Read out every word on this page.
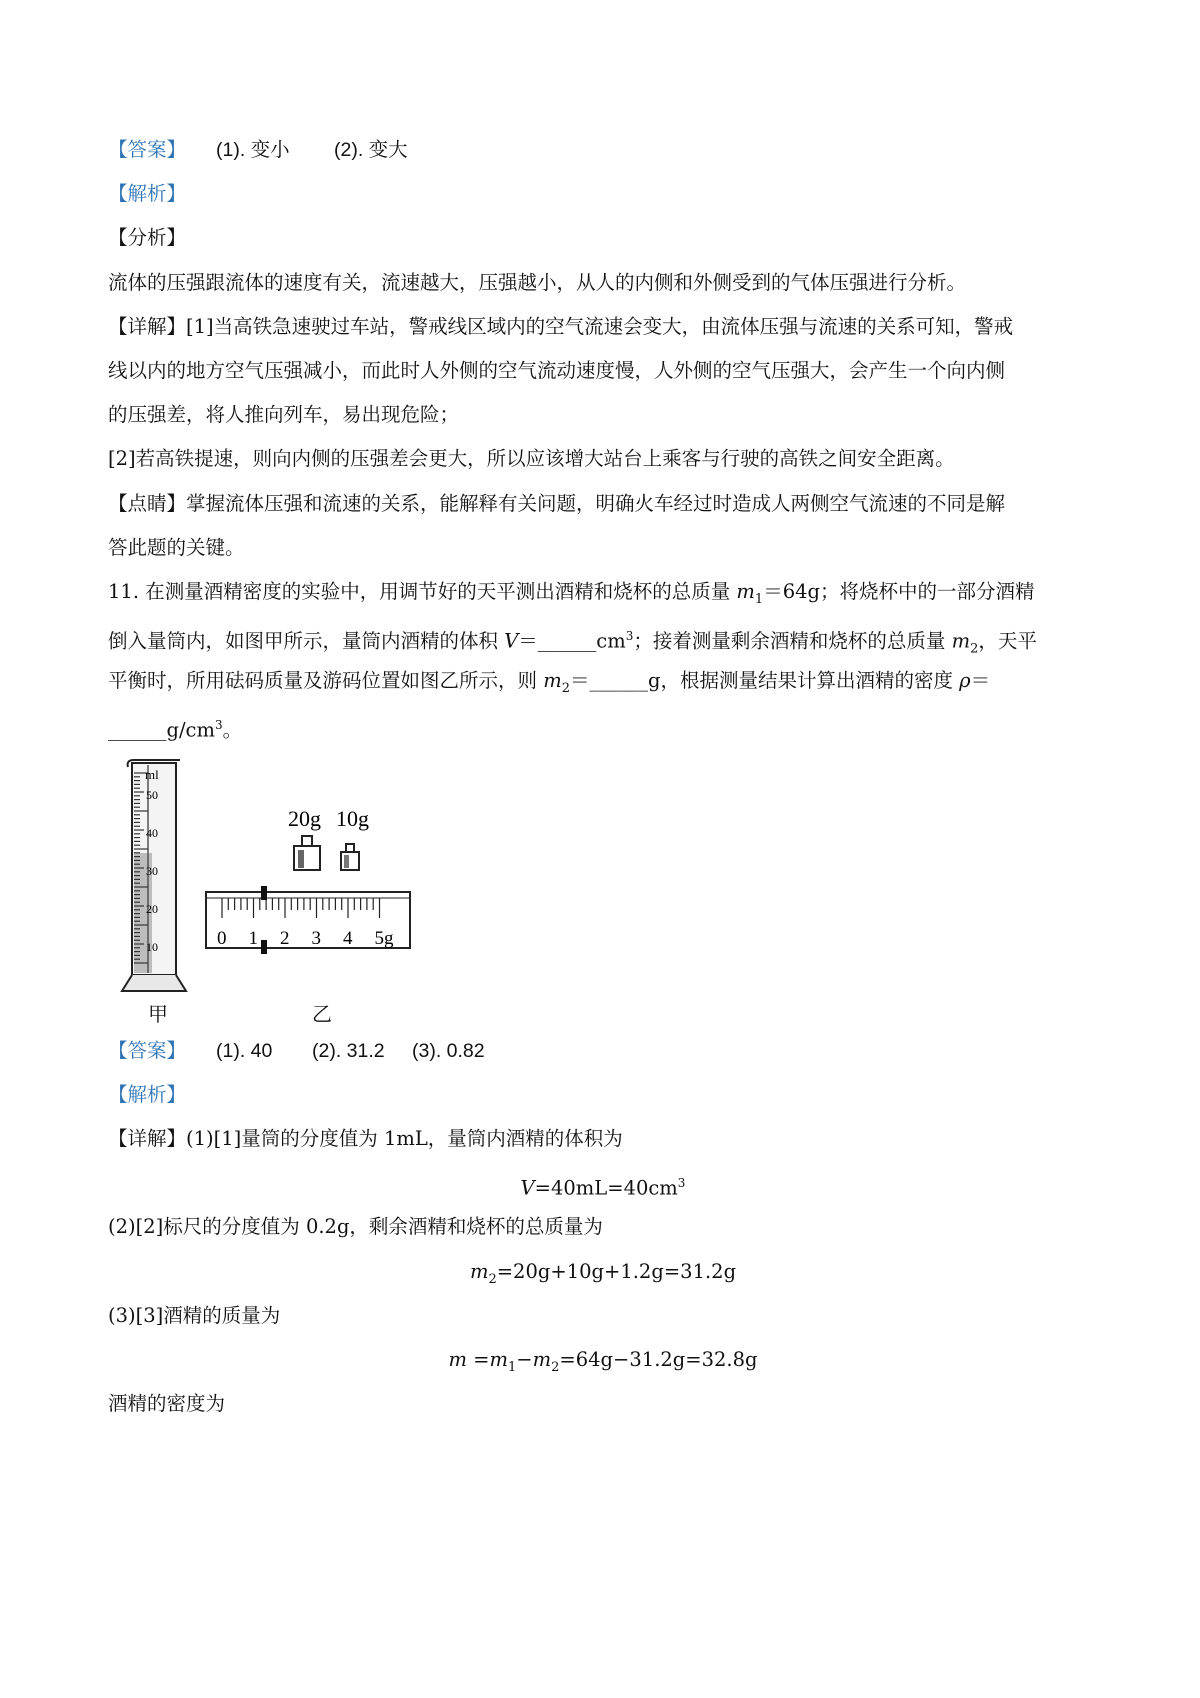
【答案】	(1). 变小 (2). 变大
【解析】
【分析】
流体的压强跟流体的速度有关，流速越大，压强越小，从人的内侧和外侧受到的气体压强进行分析。
【详解】[1]当高铁急速驶过车站，警戒线区域内的空气流速会变大，由流体压强与流速的关系可知，警戒
线以内的地方空气压强减小，而此时人外侧的空气流动速度慢，人外侧的空气压强大，会产生一个向内侧
的压强差，将人推向列车，易出现危险；
[2]若高铁提速，则向内侧的压强差会更大，所以应该增大站台上乘客与行驶的高铁之间安全距离。
【点睛】掌握流体压强和流速的关系，能解释有关问题，明确火车经过时造成人两侧空气流速的不同是解
答此题的关键。
11. 在测量酒精密度的实验中，用调节好的天平测出酒精和烧杯的总质量 $m_1=64g$；将烧杯中的一部分酒精
倒入量筒内，如图甲所示，量筒内酒精的体积 $V=\_\_\_\_\_\_cm^3$；接着测量剩余酒精和烧杯的总质量 $m_2$，天平
平衡时，所用砝码质量及游码位置如图乙所示，则 $m_2=\_\_\_\_\_\_g$，根据测量结果计算出酒精的密度 ρ＝
$\_\_\_\_\_\_g/cm^3$。
ml
50
40
30
20
10
甲
20g 10g
0 1 2 3 4 5g
乙
【答案】	(1). 40 (2). 31.2 (3). 0.82
【解析】
【详解】(1)[1]量筒的分度值为 1mL，量筒内酒精的体积为
$V=40mL=40cm^3$
(2)[2]标尺的分度值为 0.2g，剩余酒精和烧杯的总质量为
$m_2=20g+10g+1.2g=31.2g$
(3)[3]酒精的质量为
$m =m_1-m_2=64g-31.2g=32.8g$
酒精的密度为
